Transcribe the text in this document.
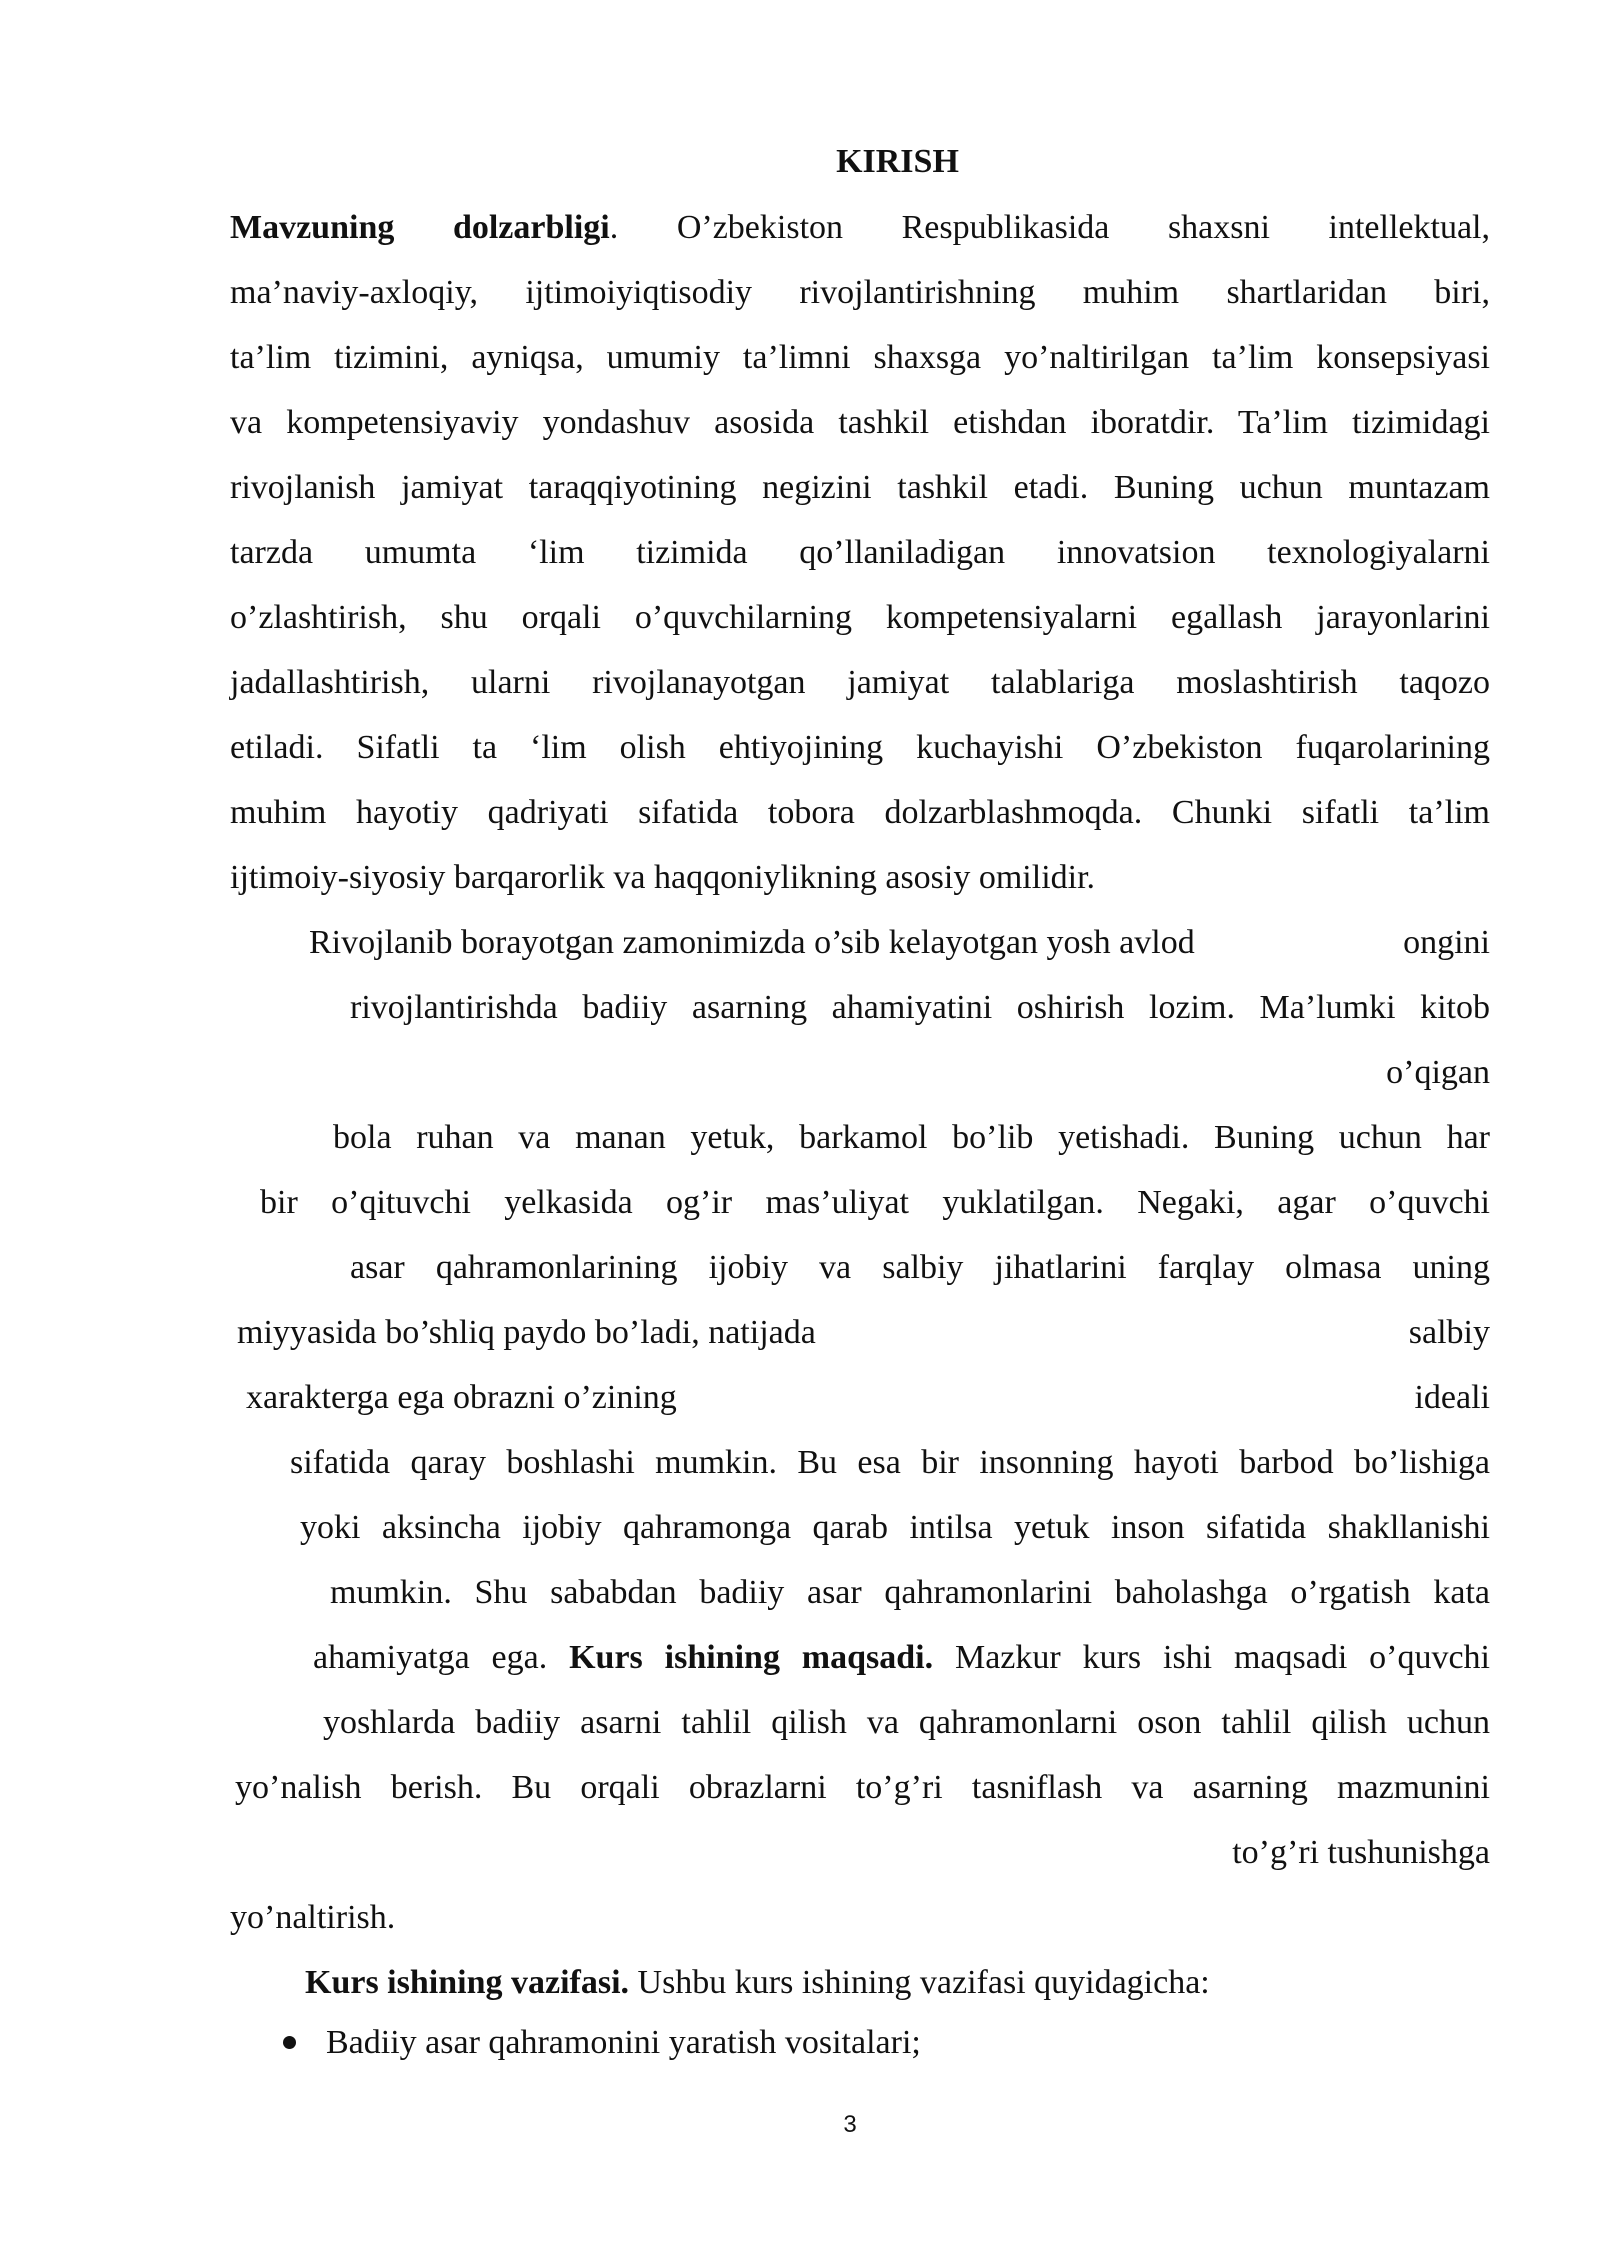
KIRISH
Mavzuning dolzarbligi. O’zbekiston Respublikasida shaxsni intellektual,
ma’naviy-axloqiy, ijtimoiyiqtisodiy rivojlantirishning muhim shartlaridan biri,
ta’lim tizimini, ayniqsa, umumiy ta’limni shaxsga yo’naltirilgan ta’lim konsepsiyasi
va kompetensiyaviy yondashuv asosida tashkil etishdan iboratdir. Ta’lim tizimidagi
rivojlanish jamiyat taraqqiyotining negizini tashkil etadi. Buning uchun muntazam
tarzda umumta ‘lim tizimida qo’llaniladigan innovatsion texnologiyalarni
o’zlashtirish, shu orqali o’quvchilarning kompetensiyalarni egallash jarayonlarini
jadallashtirish, ularni rivojlanayotgan jamiyat talablariga moslashtirish taqozo
etiladi. Sifatli ta ‘lim olish ehtiyojining kuchayishi O’zbekiston fuqarolarining
muhim hayotiy qadriyati sifatida tobora dolzarblashmoqda. Chunki sifatli ta’lim
ijtimoiy-siyosiy barqarorlik va haqqoniylikning asosiy omilidir.
Rivojlanib borayotgan zamonimizda o’sib kelayotgan yosh avlod	ongini
rivojlantirishda badiiy asarning ahamiyatini oshirish lozim. Ma’lumki kitob
o’qigan
bola ruhan va manan yetuk, barkamol bo’lib yetishadi. Buning uchun har
bir o’qituvchi yelkasida og’ir mas’uliyat yuklatilgan. Negaki, agar o’quvchi
asar qahramonlarining ijobiy va salbiy jihatlarini farqlay olmasa uning
miyyasida bo’shliq paydo bo’ladi, natijada	salbiy
xarakterga ega obrazni o’zining	ideali
sifatida qaray boshlashi mumkin. Bu esa bir insonning hayoti barbod bo’lishiga
yoki aksincha ijobiy qahramonga qarab intilsa yetuk inson sifatida shakllanishi
mumkin. Shu sababdan badiiy asar qahramonlarini baholashga o’rgatish kata
ahamiyatga ega. Kurs ishining maqsadi. Mazkur kurs ishi maqsadi o’quvchi
yoshlarda badiiy asarni tahlil qilish va qahramonlarni oson tahlil qilish uchun
yo’nalish berish. Bu orqali obrazlarni to’g’ri tasniflash va asarning mazmunini
to’g’ri tushunishga
yo’naltirish.
Kurs ishining vazifasi. Ushbu kurs ishining vazifasi quyidagicha:
Badiiy asar qahramonini yaratish vositalari;
3
